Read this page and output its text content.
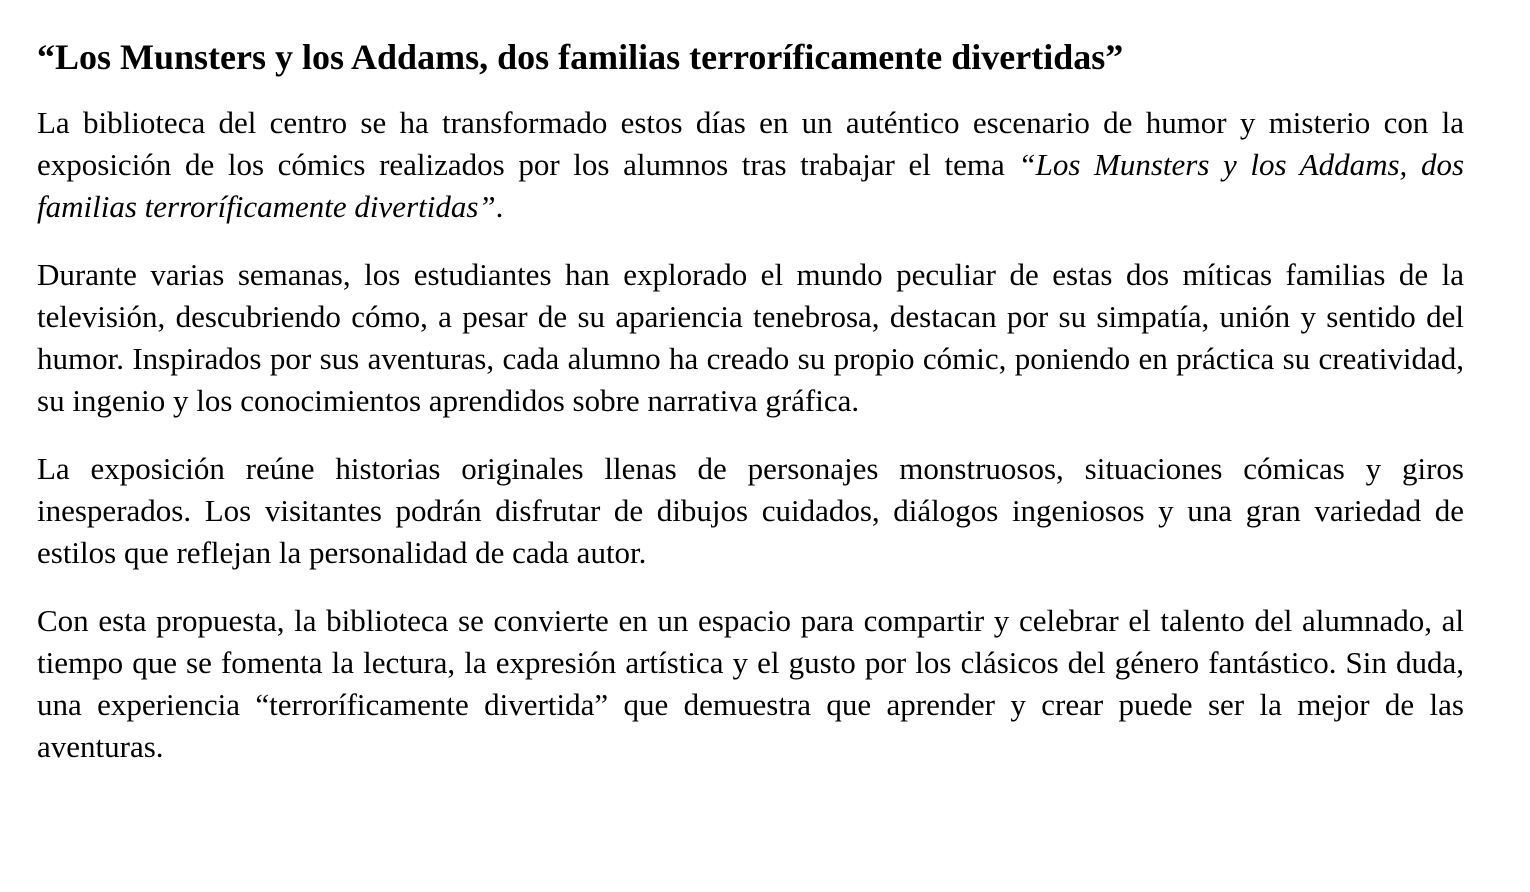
“Los Munsters y los Addams, dos familias terroríficamente divertidas”

La biblioteca del centro se ha transformado estos días en un auténtico escenario de humor y misterio con la exposición de los cómics realizados por los alumnos tras trabajar el tema “Los Munsters y los Addams, dos familias terroríficamente divertidas”.

Durante varias semanas, los estudiantes han explorado el mundo peculiar de estas dos míticas familias de la televisión, descubriendo cómo, a pesar de su apariencia tenebrosa, destacan por su simpatía, unión y sentido del humor. Inspirados por sus aventuras, cada alumno ha creado su propio cómic, poniendo en práctica su creatividad, su ingenio y los conocimientos aprendidos sobre narrativa gráfica.

La exposición reúne historias originales llenas de personajes monstruosos, situaciones cómicas y giros inesperados. Los visitantes podrán disfrutar de dibujos cuidados, diálogos ingeniosos y una gran variedad de estilos que reflejan la personalidad de cada autor.

Con esta propuesta, la biblioteca se convierte en un espacio para compartir y celebrar el talento del alumnado, al tiempo que se fomenta la lectura, la expresión artística y el gusto por los clásicos del género fantástico. Sin duda, una experiencia “terroríficamente divertida” que demuestra que aprender y crear puede ser la mejor de las aventuras.
